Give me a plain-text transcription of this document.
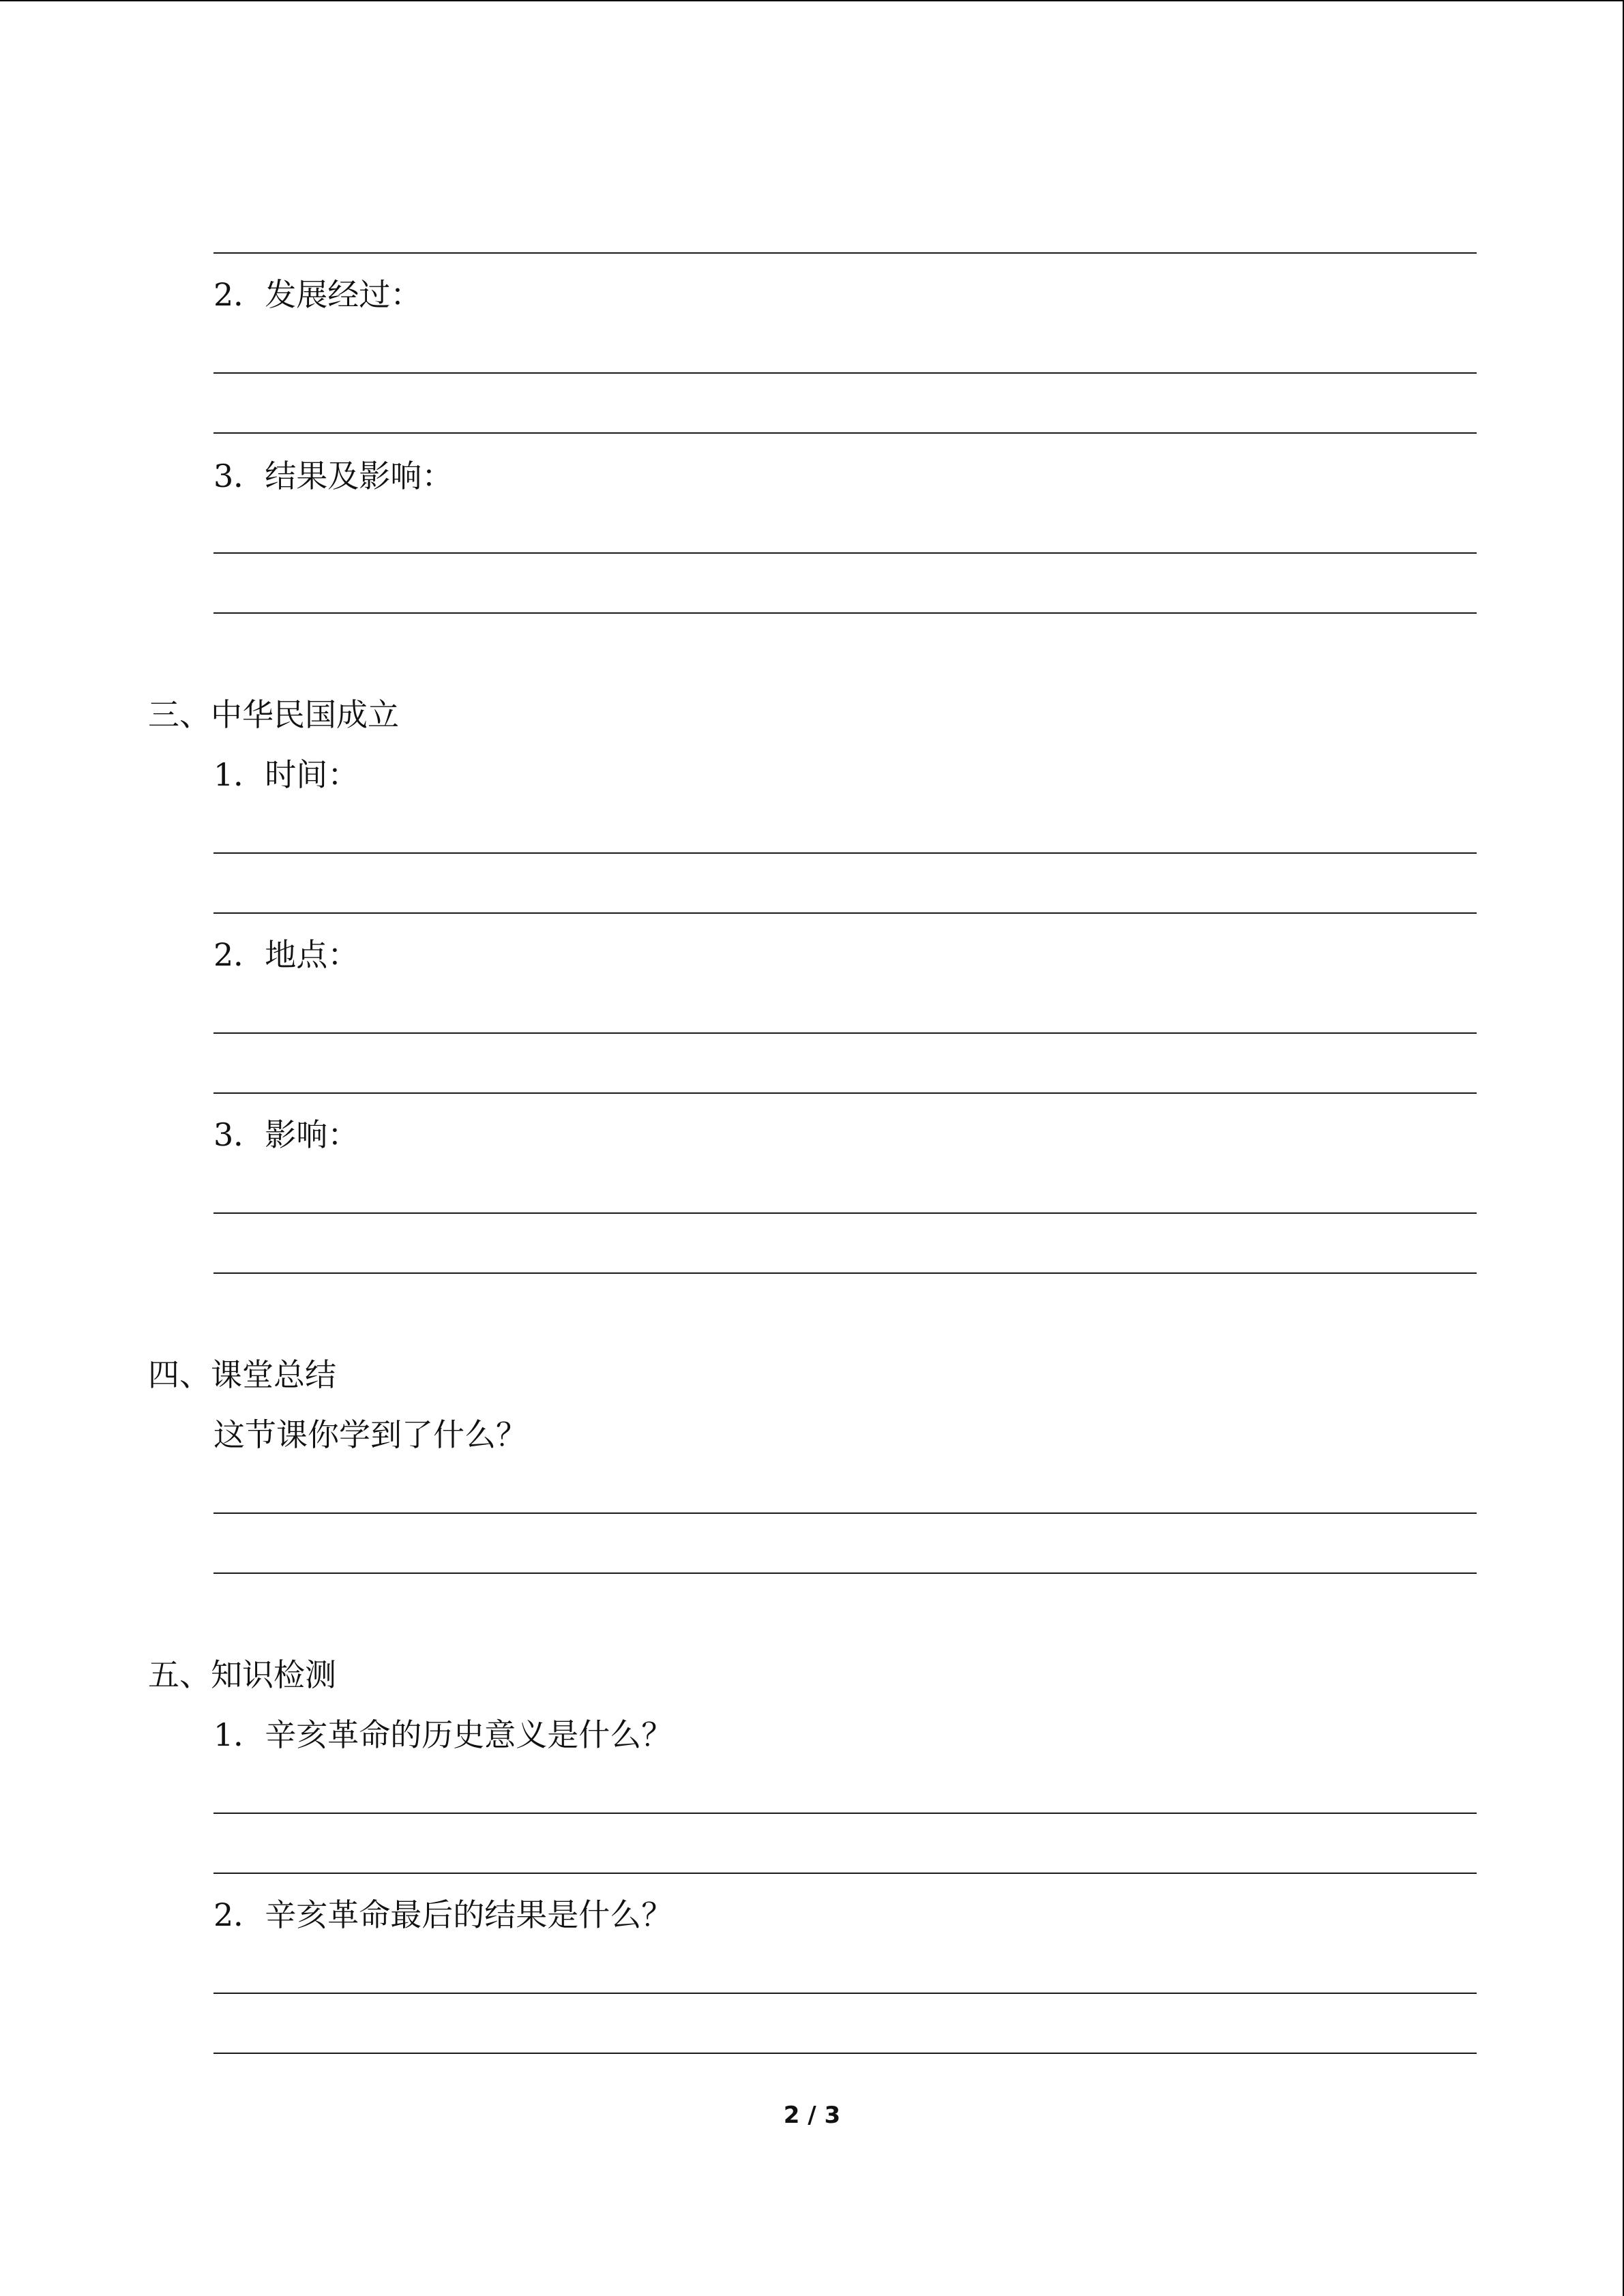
2．发展经过：
3．结果及影响：
三、中华民国成立
1．时间：
2．地点：
3．影响：
四、课堂总结
这节课你学到了什么？
五、知识检测
1．辛亥革命的历史意义是什么？
2．辛亥革命最后的结果是什么？
2 / 3
